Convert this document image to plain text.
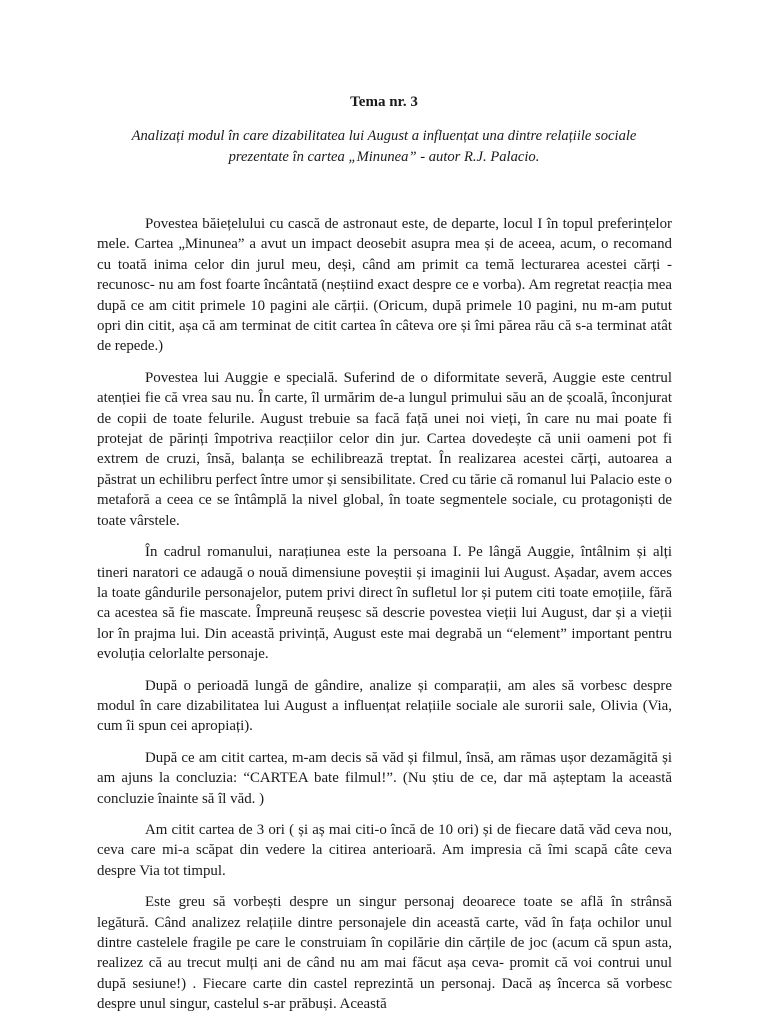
Tema nr. 3
Analizați modul în care dizabilitatea lui August a influențat una dintre relațiile sociale prezentate în cartea „Minunea” - autor R.J. Palacio.

Povestea băiețelului cu cască de astronaut este, de departe, locul I în topul preferințelor mele. Cartea „Minunea” a avut un impact deosebit asupra mea și de aceea, acum, o recomand cu toată inima celor din jurul meu, deși, când am primit ca temă lecturarea acestei cărți -recunosc- nu am fost foarte încântată (neștiind exact despre ce e vorba). Am regretat reacția mea după ce am citit primele 10 pagini ale cărții. (Oricum, după primele 10 pagini, nu m-am putut opri din citit, așa că am terminat de citit cartea în câteva ore și îmi părea rău că s-a terminat atât de repede.)

Povestea lui Auggie e specială. Suferind de o diformitate severă, Auggie este centrul atenției fie că vrea sau nu. În carte, îl urmărim de-a lungul primului său an de școală, înconjurat de copii de toate felurile. August trebuie sa facă față unei noi vieți, în care nu mai poate fi protejat de părinți împotriva reacțiilor celor din jur. Cartea dovedește că unii oameni pot fi extrem de cruzi, însă, balanța se echilibrează treptat. În realizarea acestei cărți, autoarea a păstrat un echilibru perfect între umor și sensibilitate. Cred cu tărie că romanul lui Palacio este o metaforă a ceea ce se întâmplă la nivel global, în toate segmentele sociale, cu protagoniști de toate vârstele.

În cadrul romanului, narațiunea este la persoana I. Pe lângă Auggie, întâlnim și alți tineri naratori ce adaugă o nouă dimensiune poveștii și imaginii lui August. Așadar, avem acces la toate gândurile personajelor, putem privi direct în sufletul lor și putem citi toate emoțiile, fără ca acestea să fie mascate. Împreună reușesc să descrie povestea vieții lui August, dar și a vieții lor în prajma lui. Din această privință, August este mai degrabă un “element” important pentru evoluția celorlalte personaje.

După o perioadă lungă de gândire, analize și comparații, am ales să vorbesc despre modul în care dizabilitatea lui August a influențat relațiile sociale ale surorii sale, Olivia (Via, cum îi spun cei apropiați).

După ce am citit cartea, m-am decis să văd și filmul, însă, am rămas ușor dezamăgită și am ajuns la concluzia: “CARTEA bate filmul!”. (Nu știu de ce, dar mă așteptam la această concluzie înainte să îl văd. )

Am citit cartea de 3 ori ( și aș mai citi-o încă de 10 ori) și de fiecare dată văd ceva nou, ceva care mi-a scăpat din vedere la citirea anterioară. Am impresia că îmi scapă câte ceva despre Via tot timpul.

Este greu să vorbești despre un singur personaj deoarece toate se află în strânsă legătură. Când analizez relațiile dintre personajele din această carte, văd în fața ochilor unul dintre castelele fragile pe care le construiam în copilărie din cărțile de joc (acum că spun asta, realizez că au trecut mulți ani de când nu am mai făcut așa ceva- promit că voi contrui unul după sesiune!) . Fiecare carte din castel reprezintă un personaj. Dacă aș încerca să vorbesc despre unul singur, castelul s-ar prăbuși. Această
